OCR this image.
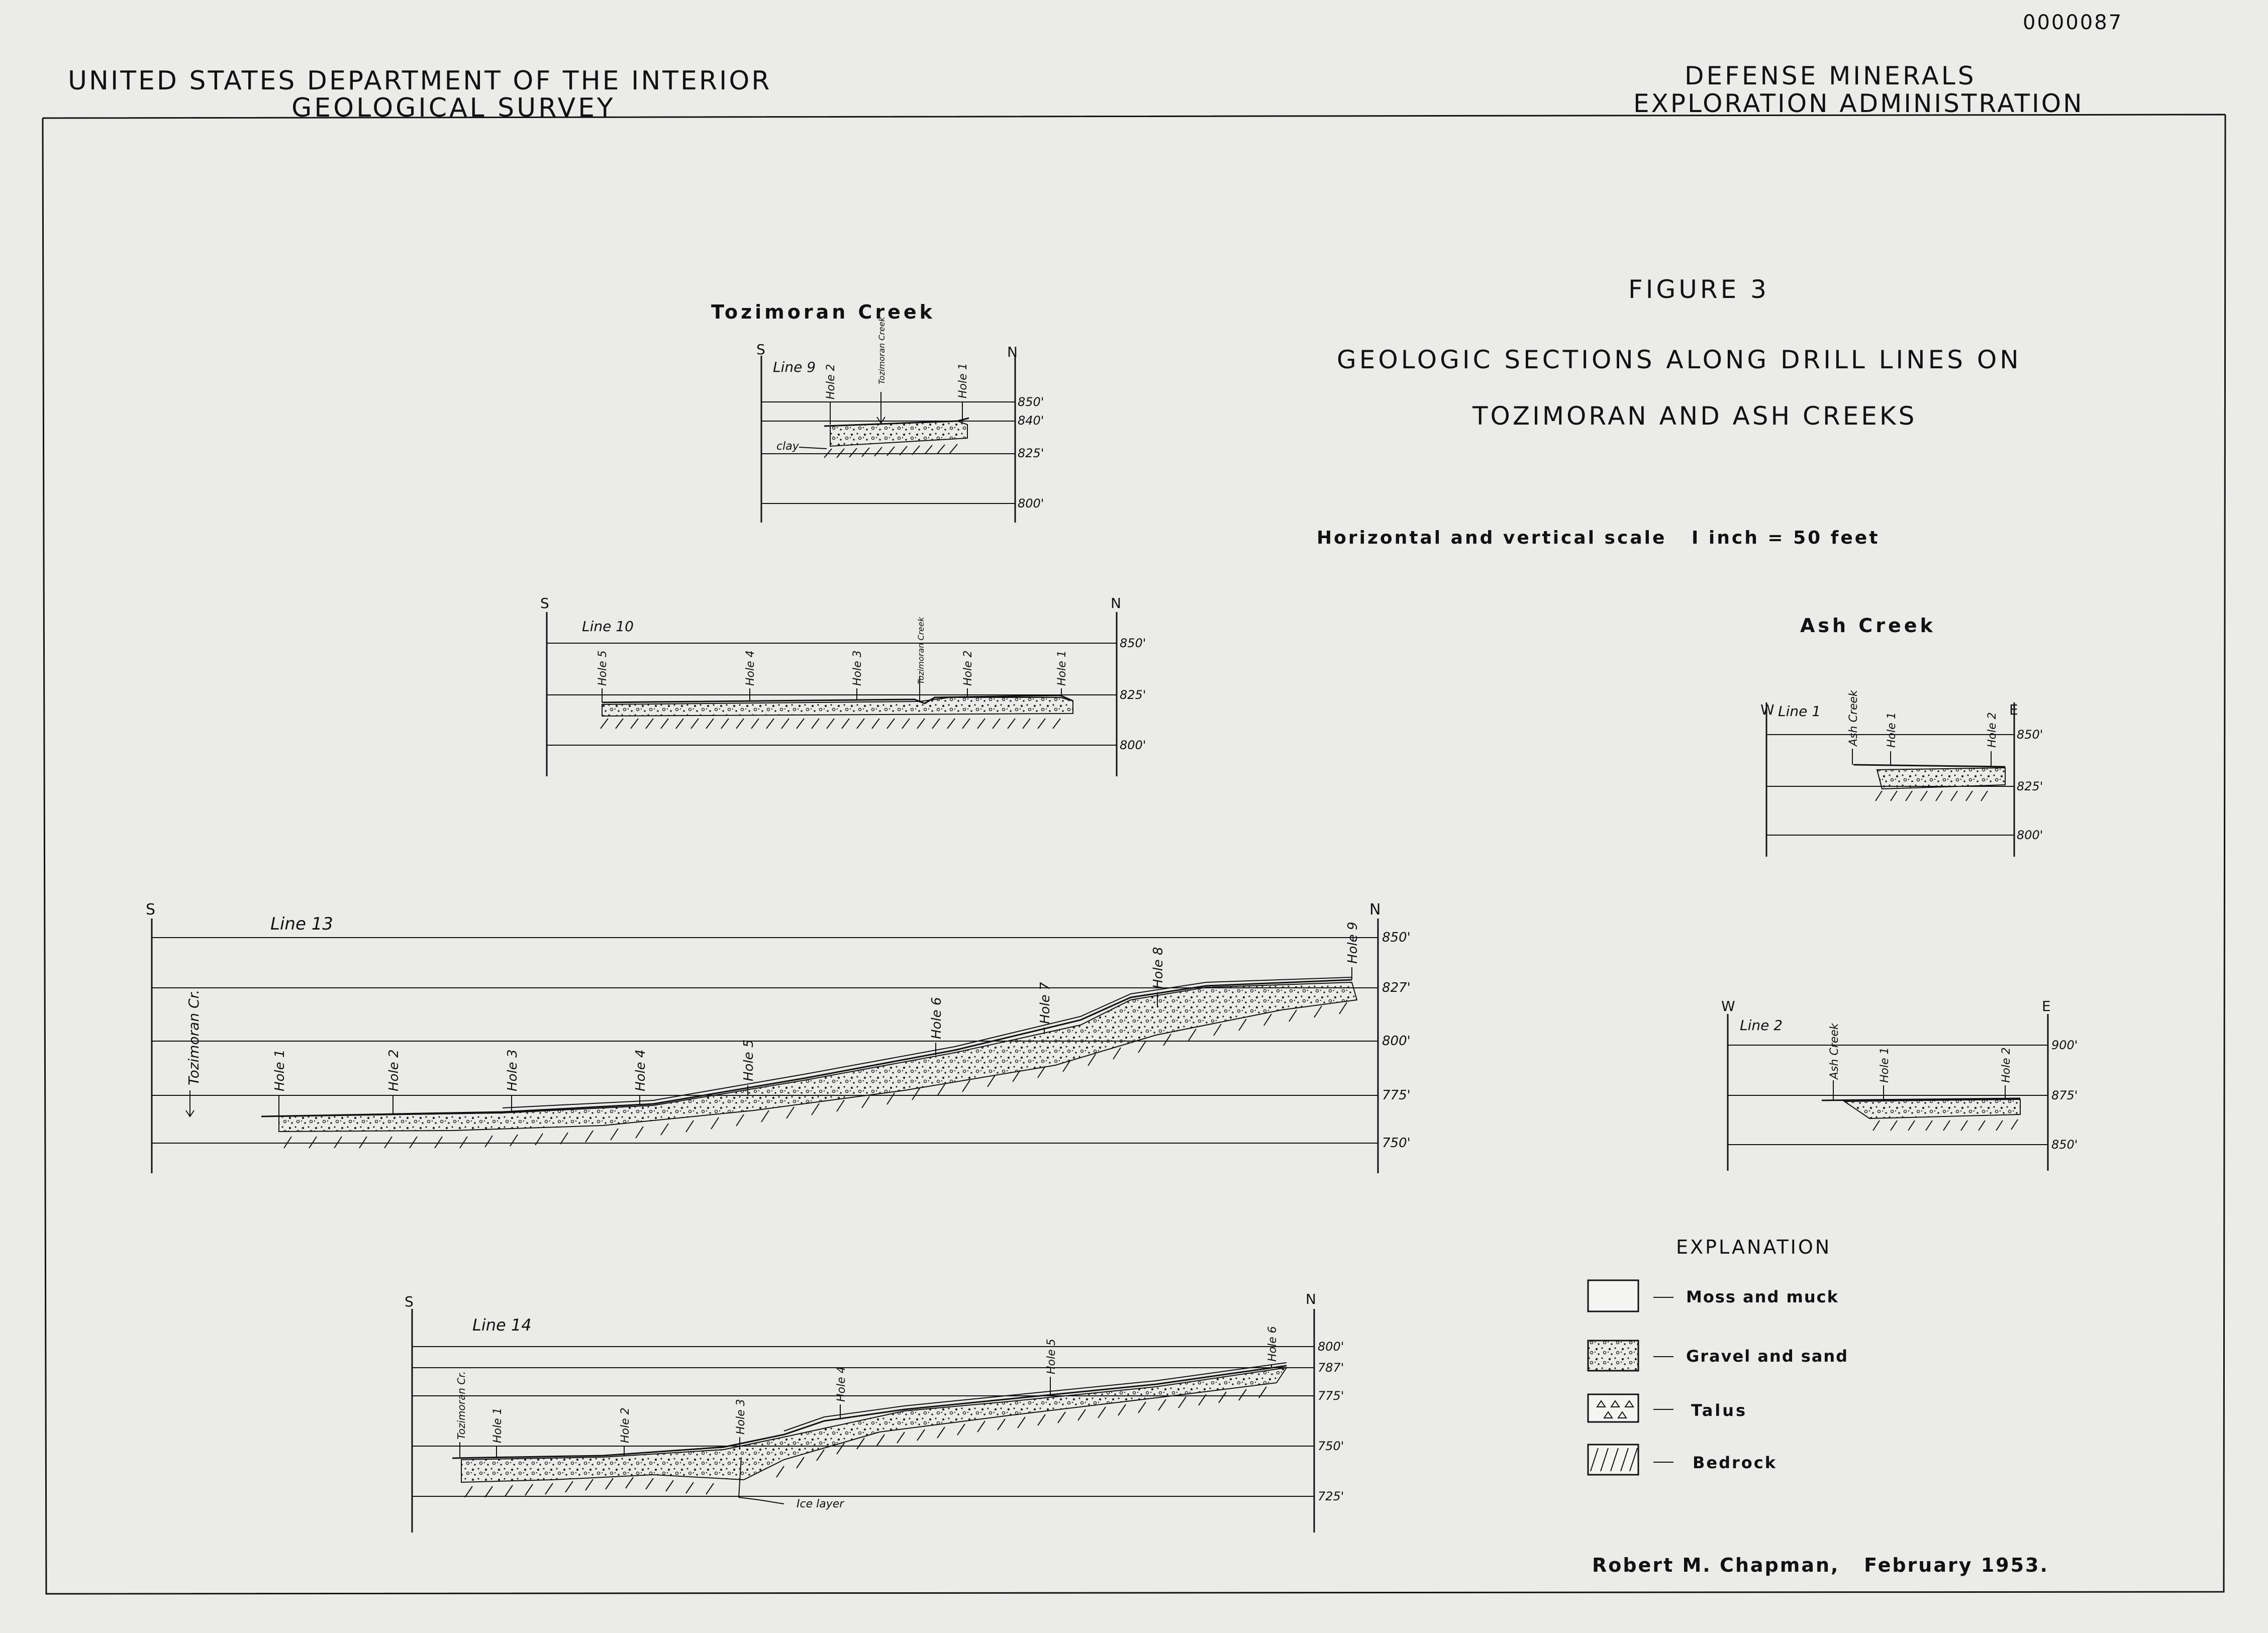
0000087
UNITED STATES DEPARTMENT OF THE INTERIOR
GEOLOGICAL SURVEY
DEFENSE MINERALS
EXPLORATION ADMINISTRATION
FIGURE 3
GEOLOGIC SECTIONS ALONG DRILL LINES ON
TOZIMORAN AND ASH CREEKS
Horizontal and vertical scale   I inch = 50 feet
Tozimoran Creek
Ash Creek
S	N
Line 9
850'
840'
825'
800'
Hole 2	Hole 1
Tozimoran Creek
clay
S	N
Line 10
850'
825'
800'
Hole 5	Hole 4	Hole 3	Hole 2	Hole 1
Tozimoran Creek
S	N
Line 13
850'
827'
800'
775'
750'
Tozimoran Cr.	Hole 1	Hole 2	Hole 3	Hole 4	Hole 5
Hole 6	Hole 7
Hole 8
Hole 9
S	N
Line 14
800'
787'
775'
750'
725'
Tozimoran Cr. Hole 1	Hole 2	Hole 3
Hole 4
Hole 5	Hole 6
Ice layer
W	E
Line 1
850'
825'
800'
Ash Creek Hole 1	Hole 2
W	E
Line 2
900'
875'
850'
Ash Creek	Hole 1	Hole 2
EXPLANATION
Moss and muck
Gravel and sand
Talus
Bedrock
Robert M. Chapman,   February 1953.
